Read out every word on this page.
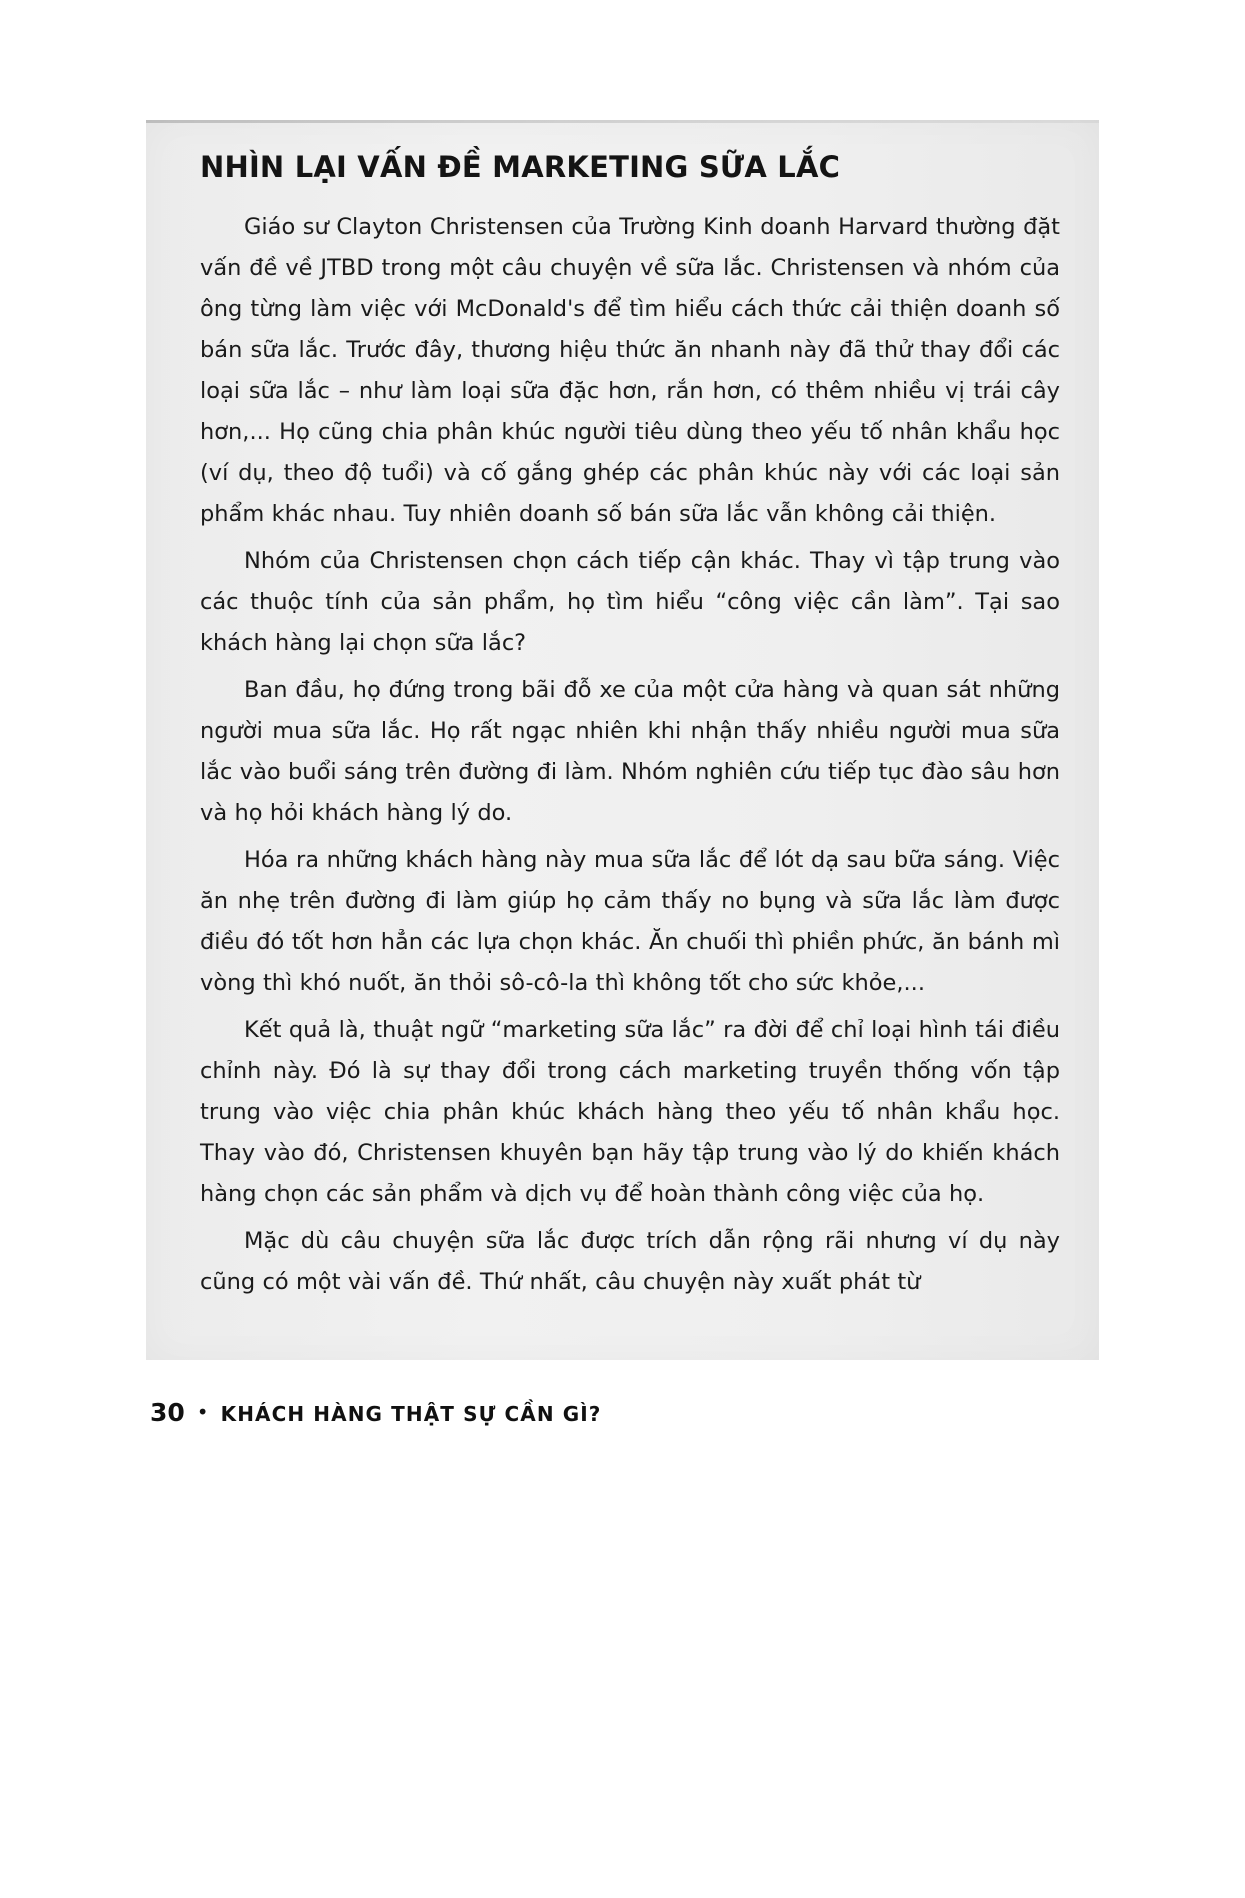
NHÌN LẠI VẤN ĐỀ MARKETING SỮA LẮC

Giáo sư Clayton Christensen của Trường Kinh doanh Harvard thường đặt vấn đề về JTBD trong một câu chuyện về sữa lắc. Christensen và nhóm của ông từng làm việc với McDonald's để tìm hiểu cách thức cải thiện doanh số bán sữa lắc. Trước đây, thương hiệu thức ăn nhanh này đã thử thay đổi các loại sữa lắc – như làm loại sữa đặc hơn, rắn hơn, có thêm nhiều vị trái cây hơn,... Họ cũng chia phân khúc người tiêu dùng theo yếu tố nhân khẩu học (ví dụ, theo độ tuổi) và cố gắng ghép các phân khúc này với các loại sản phẩm khác nhau. Tuy nhiên doanh số bán sữa lắc vẫn không cải thiện.

Nhóm của Christensen chọn cách tiếp cận khác. Thay vì tập trung vào các thuộc tính của sản phẩm, họ tìm hiểu “công việc cần làm”. Tại sao khách hàng lại chọn sữa lắc?

Ban đầu, họ đứng trong bãi đỗ xe của một cửa hàng và quan sát những người mua sữa lắc. Họ rất ngạc nhiên khi nhận thấy nhiều người mua sữa lắc vào buổi sáng trên đường đi làm. Nhóm nghiên cứu tiếp tục đào sâu hơn và họ hỏi khách hàng lý do.

Hóa ra những khách hàng này mua sữa lắc để lót dạ sau bữa sáng. Việc ăn nhẹ trên đường đi làm giúp họ cảm thấy no bụng và sữa lắc làm được điều đó tốt hơn hẳn các lựa chọn khác. Ăn chuối thì phiền phức, ăn bánh mì vòng thì khó nuốt, ăn thỏi sô-cô-la thì không tốt cho sức khỏe,...

Kết quả là, thuật ngữ “marketing sữa lắc” ra đời để chỉ loại hình tái điều chỉnh này. Đó là sự thay đổi trong cách marketing truyền thống vốn tập trung vào việc chia phân khúc khách hàng theo yếu tố nhân khẩu học. Thay vào đó, Christensen khuyên bạn hãy tập trung vào lý do khiến khách hàng chọn các sản phẩm và dịch vụ để hoàn thành công việc của họ.

Mặc dù câu chuyện sữa lắc được trích dẫn rộng rãi nhưng ví dụ này cũng có một vài vấn đề. Thứ nhất, câu chuyện này xuất phát từ

30 • KHÁCH HÀNG THẬT SỰ CẦN GÌ?
